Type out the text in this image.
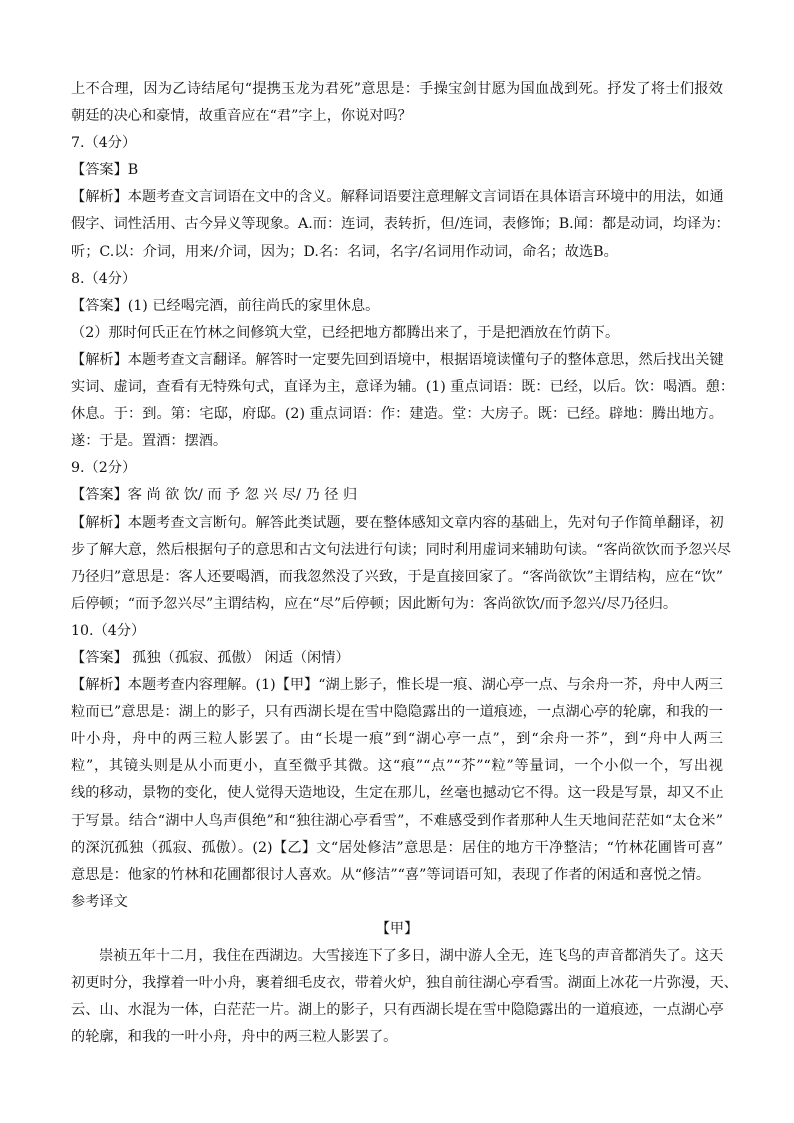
上不合理，因为乙诗结尾句“提携玉龙为君死”意思是：手操宝剑甘愿为国血战到死。抒发了将士们报效
朝廷的决心和豪情，故重音应在“君”字上，你说对吗？
7.（4分）
【答案】B
【解析】本题考查文言词语在文中的含义。解释词语要注意理解文言词语在具体语言环境中的用法，如通
假字、词性活用、古今异义等现象。A.而：连词，表转折，但/连词，表修饰；B.闻：都是动词，均译为：
听；C.以：介词，用来/介词，因为；D.名：名词，名字/名词用作动词，命名；故选B。
8.（4分）
【答案】(1) 已经喝完酒，前往尚氏的家里休息。
（2）那时何氏正在竹林之间修筑大堂，已经把地方都腾出来了，于是把酒放在竹荫下。
【解析】本题考查文言翻译。解答时一定要先回到语境中，根据语境读懂句子的整体意思，然后找出关键
实词、虚词，查看有无特殊句式，直译为主，意译为辅。(1) 重点词语：既：已经，以后。饮：喝酒。憩：
休息。于：到。第：宅邸，府邸。(2) 重点词语：作：建造。堂：大房子。既：已经。辟地：腾出地方。
遂：于是。置酒：摆酒。
9.（2分）
【答案】客 尚 欲 饮/ 而 予 忽 兴 尽/ 乃 径 归
【解析】本题考查文言断句。解答此类试题，要在整体感知文章内容的基础上，先对句子作简单翻译，初
步了解大意，然后根据句子的意思和古文句法进行句读；同时利用虚词来辅助句读。“客尚欲饮而予忽兴尽
乃径归”意思是：客人还要喝酒，而我忽然没了兴致，于是直接回家了。“客尚欲饮”主谓结构，应在“饮”
后停顿；“而予忽兴尽”主谓结构，应在“尽”后停顿；因此断句为：客尚欲饮/而予忽兴/尽乃径归。
10.（4分）
【答案】 孤独（孤寂、孤傲） 闲适（闲情）
【解析】本题考查内容理解。(1)【甲】“湖上影子，惟长堤一痕、湖心亭一点、与余舟一芥，舟中人两三
粒而已”意思是：湖上的影子，只有西湖长堤在雪中隐隐露出的一道痕迹，一点湖心亭的轮廓，和我的一
叶小舟，舟中的两三粒人影罢了。由“长堤一痕”到“湖心亭一点”，到“余舟一芥”，到“舟中人两三
粒”，其镜头则是从小而更小，直至微乎其微。这“痕”“点”“芥”“粒”等量词，一个小似一个，写出视
线的移动，景物的变化，使人觉得天造地设，生定在那儿，丝毫也撼动它不得。这一段是写景，却又不止
于写景。结合“湖中人鸟声俱绝”和“独往湖心亭看雪”，不难感受到作者那种人生天地间茫茫如“太仓米”
的深沉孤独（孤寂、孤傲）。(2)【乙】文“居处修洁”意思是：居住的地方干净整洁；“竹林花圃皆可喜”
意思是：他家的竹林和花圃都很讨人喜欢。从“修洁”“喜”等词语可知，表现了作者的闲适和喜悦之情。
参考译文
【甲】
崇祯五年十二月，我住在西湖边。大雪接连下了多日，湖中游人全无，连飞鸟的声音都消失了。这天
初更时分，我撑着一叶小舟，裹着细毛皮衣，带着火炉，独自前往湖心亭看雪。湖面上冰花一片弥漫，天、
云、山、水混为一体，白茫茫一片。湖上的影子，只有西湖长堤在雪中隐隐露出的一道痕迹，一点湖心亭
的轮廓，和我的一叶小舟，舟中的两三粒人影罢了。
